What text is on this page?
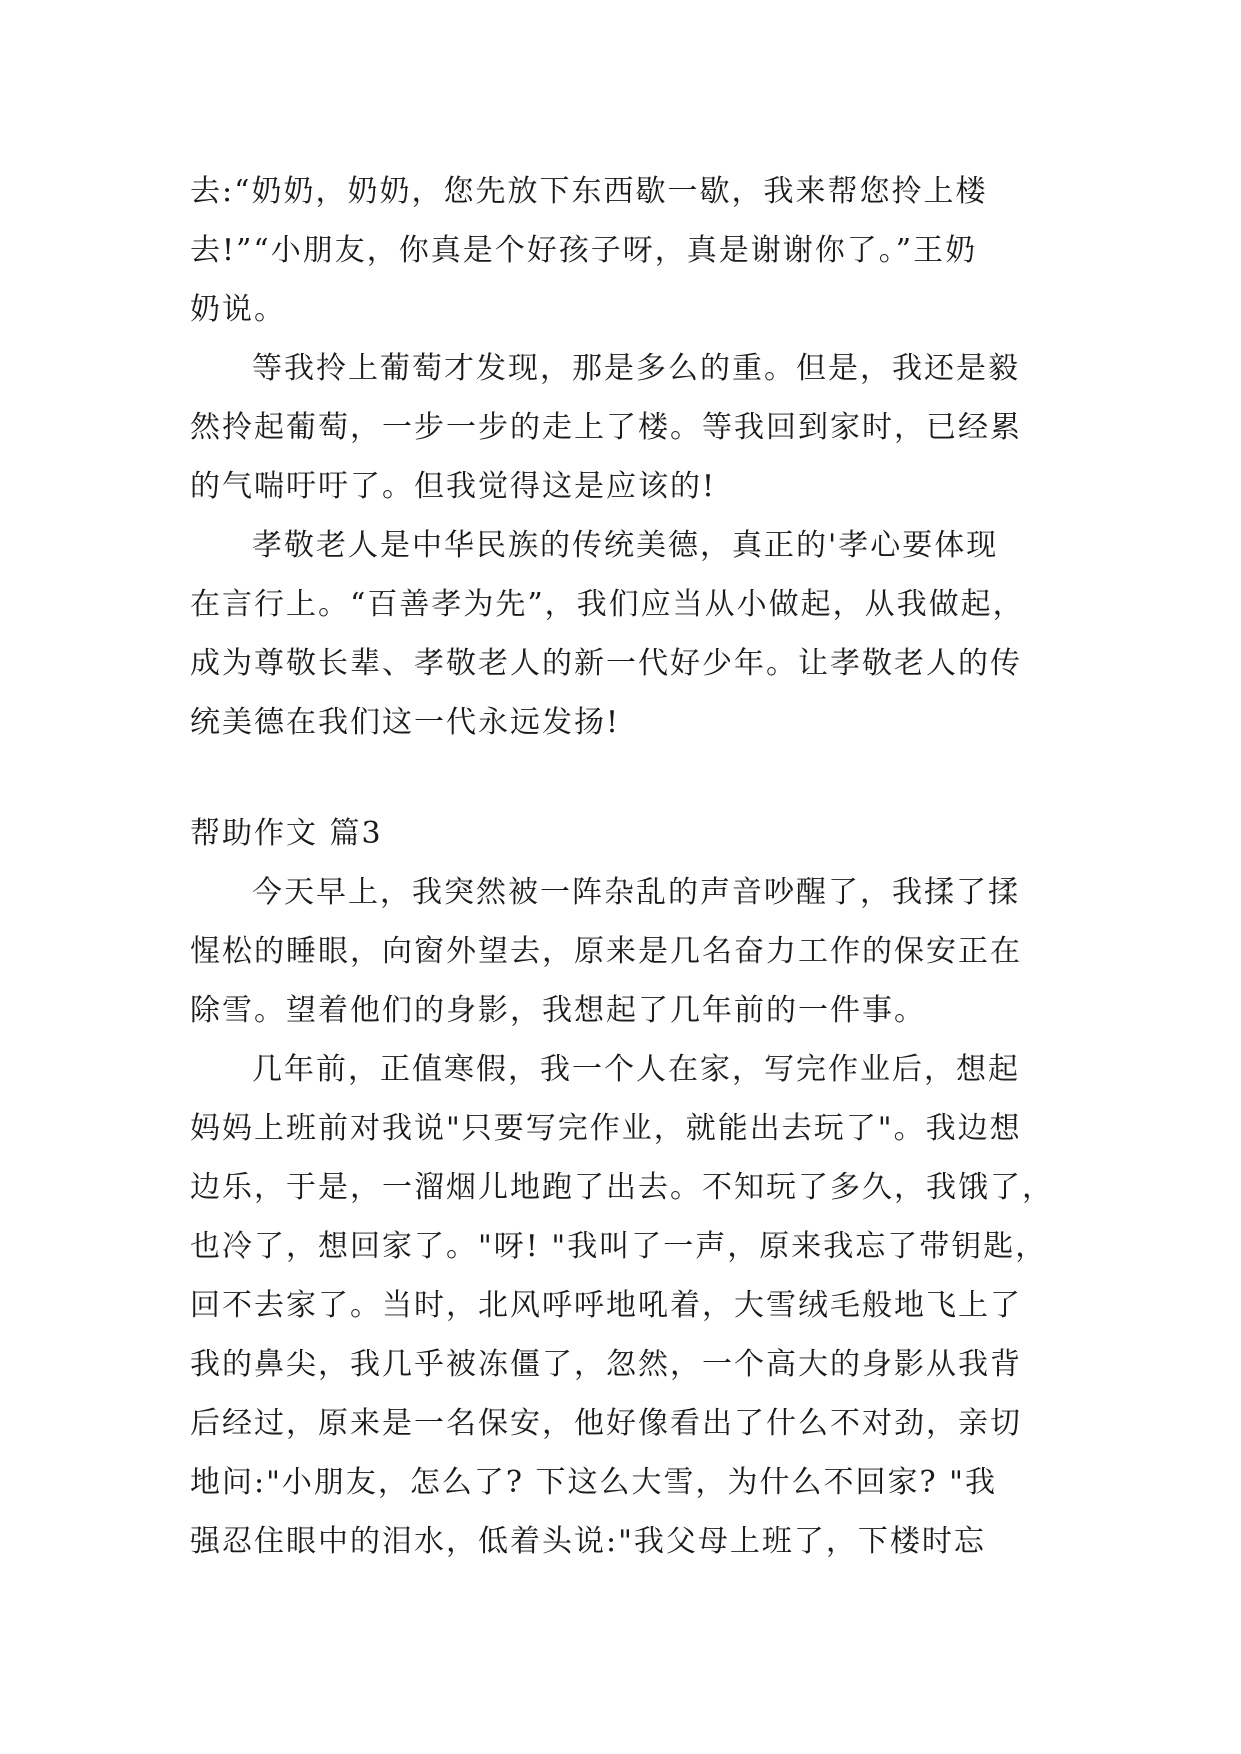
去:“奶奶，奶奶，您先放下东西歇一歇，我来帮您拎上楼
去!”“小朋友，你真是个好孩子呀，真是谢谢你了。”王奶
奶说。
等我拎上葡萄才发现，那是多么的重。但是，我还是毅
然拎起葡萄，一步一步的走上了楼。等我回到家时，已经累
的气喘吁吁了。但我觉得这是应该的!
孝敬老人是中华民族的传统美德，真正的'孝心要体现
在言行上。“百善孝为先”，我们应当从小做起，从我做起，
成为尊敬长辈、孝敬老人的新一代好少年。让孝敬老人的传
统美德在我们这一代永远发扬!
帮助作文 篇3
今天早上，我突然被一阵杂乱的声音吵醒了，我揉了揉
惺松的睡眼，向窗外望去，原来是几名奋力工作的保安正在
除雪。望着他们的身影，我想起了几年前的一件事。
几年前，正值寒假，我一个人在家，写完作业后，想起
妈妈上班前对我说"只要写完作业，就能出去玩了"。我边想
边乐，于是，一溜烟儿地跑了出去。不知玩了多久，我饿了，
也冷了，想回家了。"呀! "我叫了一声，原来我忘了带钥匙，
回不去家了。当时，北风呼呼地吼着，大雪绒毛般地飞上了
我的鼻尖，我几乎被冻僵了，忽然，一个高大的身影从我背
后经过，原来是一名保安，他好像看出了什么不对劲，亲切
地问:"小朋友，怎么了? 下这么大雪，为什么不回家? "我
强忍住眼中的泪水，低着头说:"我父母上班了，下楼时忘
